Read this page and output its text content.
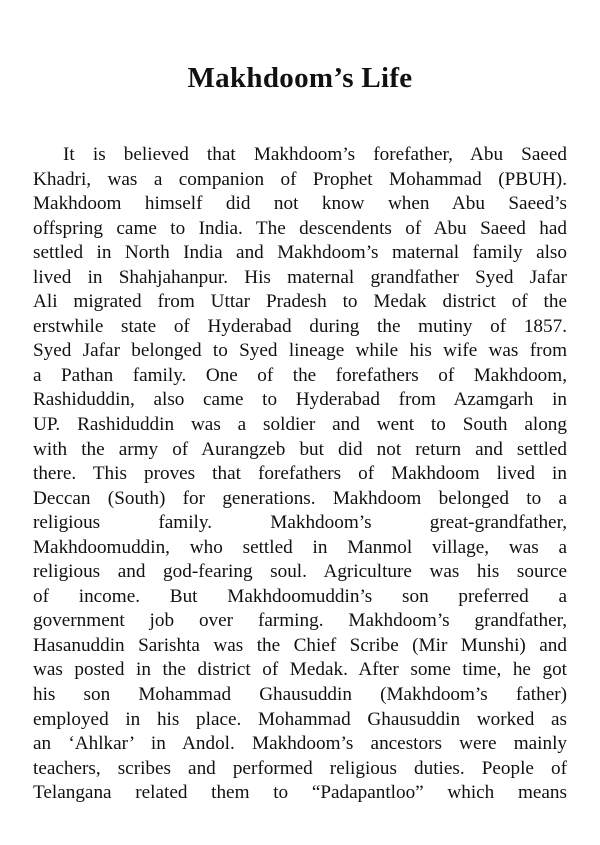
Makhdoom’s Life
It is believed that Makhdoom’s forefather, Abu Saeed
Khadri, was a companion of Prophet Mohammad (PBUH).
Makhdoom himself did not know when Abu Saeed’s
offspring came to India. The descendents of Abu Saeed had
settled in North India and Makhdoom’s maternal family also
lived in Shahjahanpur. His maternal grandfather Syed Jafar
Ali migrated from Uttar Pradesh to Medak district of the
erstwhile state of Hyderabad during the mutiny of 1857.
Syed Jafar belonged to Syed lineage while his wife was from
a Pathan family. One of the forefathers of Makhdoom,
Rashiduddin, also came to Hyderabad from Azamgarh in
UP. Rashiduddin was a soldier and went to South along
with the army of Aurangzeb but did not return and settled
there. This proves that forefathers of Makhdoom lived in
Deccan (South) for generations. Makhdoom belonged to a
religious family. Makhdoom’s great-grandfather,
Makhdoomuddin, who settled in Manmol village, was a
religious and god-fearing soul. Agriculture was his source
of income. But Makhdoomuddin’s son preferred a
government job over farming. Makhdoom’s grandfather,
Hasanuddin Sarishta was the Chief Scribe (Mir Munshi) and
was posted in the district of Medak. After some time, he got
his son Mohammad Ghausuddin (Makhdoom’s father)
employed in his place. Mohammad Ghausuddin worked as
an ‘Ahlkar’ in Andol. Makhdoom’s ancestors were mainly
teachers, scribes and performed religious duties. People of
Telangana related them to “Padapantloo” which means
